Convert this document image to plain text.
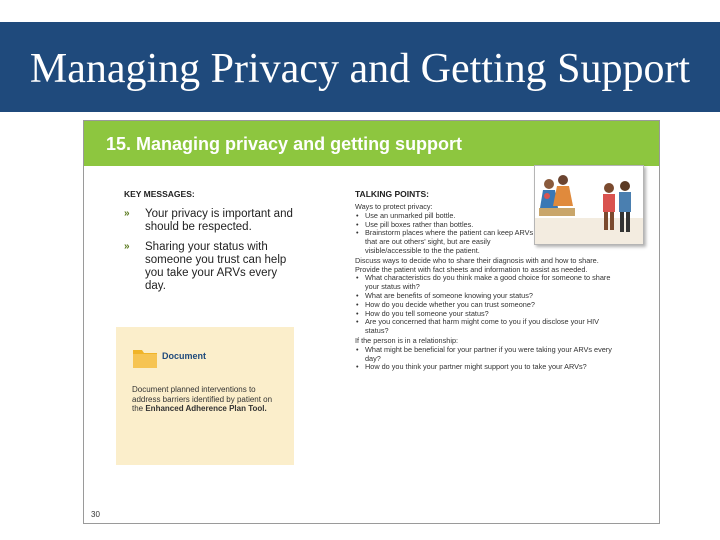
Managing Privacy and Getting Support
15. Managing privacy and getting support
KEY MESSAGES:
» Your privacy is important and should be respected.
» Sharing your status with someone you trust can help you take your ARVs every day.
Document
Document planned interventions to address barriers identified by patient on the Enhanced Adherence Plan Tool.
TALKING POINTS:

Ways to protect privacy:

• Use an unmarked pill bottle.
• Use pill boxes rather than bottles.
• Brainstorm places where the patient can keep ARVs that are out others' sight, but are easily visible/accessible to the the patient.

Discuss ways to decide who to share their diagnosis with and how to share. Provide the patient with fact sheets and information to assist as needed.

• What characteristics do you think make a good choice for someone to share your status with?
• What are benefits of someone knowing your status?
• How do you decide whether you can trust someone?
• How do you tell someone your status?
• Are you concerned that harm might come to you if you disclose your HIV status?

If the person is in a relationship:

• What might be beneficial for your partner if you were taking your ARVs every day?
• How do you think your partner might support you to take your ARVs?
30
